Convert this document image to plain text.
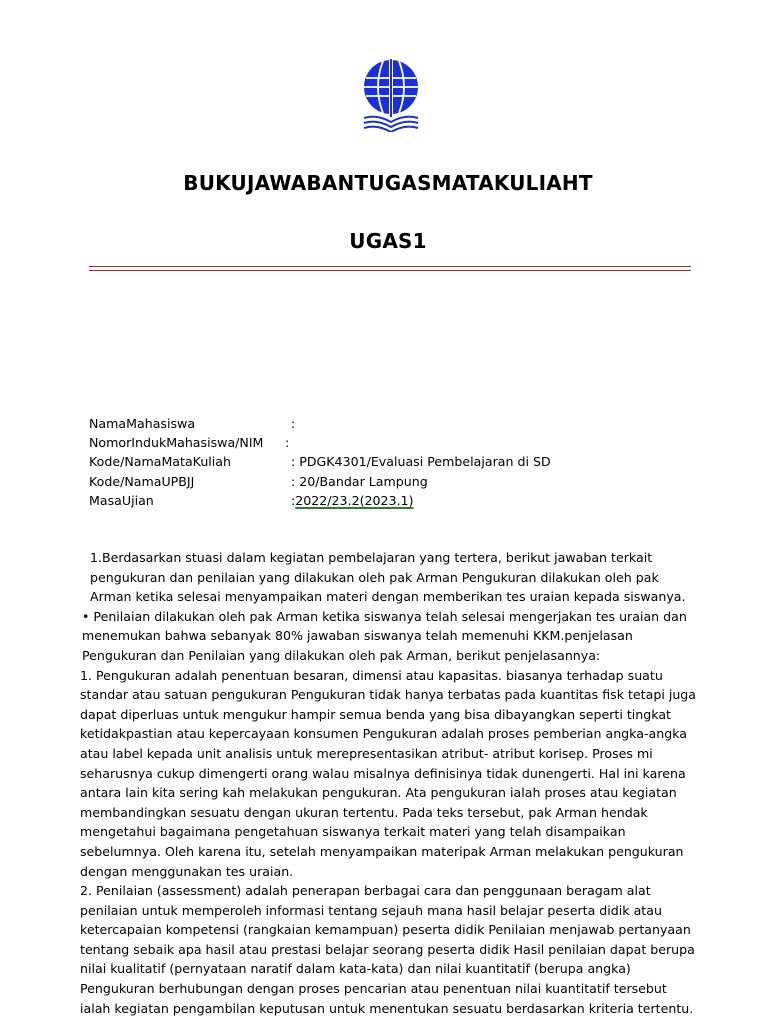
BUKUJAWABANTUGASMATAKULIAHT
UGAS1
NamaMahasiswa	:
NomorIndukMahasiswa/NIM	:
Kode/NamaMataKuliah	: PDGK4301/Evaluasi Pembelajaran di SD
Kode/NamaUPBJJ	: 20/Bandar Lampung
MasaUjian	: 2022/23.2(2023.1)

1.Berdasarkan stuasi dalam kegiatan pembelajaran yang tertera, berikut jawaban terkait pengukuran dan penilaian yang dilakukan oleh pak Arman Pengukuran dilakukan oleh pak Arman ketika selesai menyampaikan materi dengan memberikan tes uraian kepada siswanya.

• Penilaian dilakukan oleh pak Arman ketika siswanya telah selesai mengerjakan tes uraian dan menemukan bahwa sebanyak 80% jawaban siswanya telah memenuhi KKM.penjelasan Pengukuran dan Penilaian yang dilakukan oleh pak Arman, berikut penjelasannya:

1. Pengukuran adalah penentuan besaran, dimensi atau kapasitas. biasanya terhadap suatu standar atau satuan pengukuran Pengukuran tidak hanya terbatas pada kuantitas fisk tetapi juga dapat diperluas untuk mengukur hampir semua benda yang bisa dibayangkan seperti tingkat ketidakpastian atau kepercayaan konsumen Pengukuran adalah proses pemberian angka-angka atau label kepada unit analisis untuk merepresentasikan atribut- atribut korisep. Proses mi seharusnya cukup dimengerti orang walau misalnya definisinya tidak dunengerti. Hal ini karena antara lain kita sering kah melakukan pengukuran. Ata pengukuran ialah proses atau kegiatan membandingkan sesuatu dengan ukuran tertentu. Pada teks tersebut, pak Arman hendak mengetahui bagaimana pengetahuan siswanya terkait materi yang telah disampaikan sebelumnya. Oleh karena itu, setelah menyampaikan materipak Arman melakukan pengukuran dengan menggunakan tes uraian.

2. Penilaian (assessment) adalah penerapan berbagai cara dan penggunaan beragam alat penilaian untuk memperoleh informasi tentang sejauh mana hasil belajar peserta didik atau ketercapaian kompetensi (rangkaian kemampuan) peserta didik Penilaian menjawab pertanyaan tentang sebaik apa hasil atau prestasi belajar seorang peserta didik Hasil penilaian dapat berupa nilai kualitatif (pernyataan naratif dalam kata-kata) dan nilai kuantitatif (berupa angka) Pengukuran berhubungan dengan proses pencarian atau penentuan nilai kuantitatif tersebut ialah kegiatan pengambilan keputusan untuk menentukan sesuatu berdasarkan kriteria tertentu.
